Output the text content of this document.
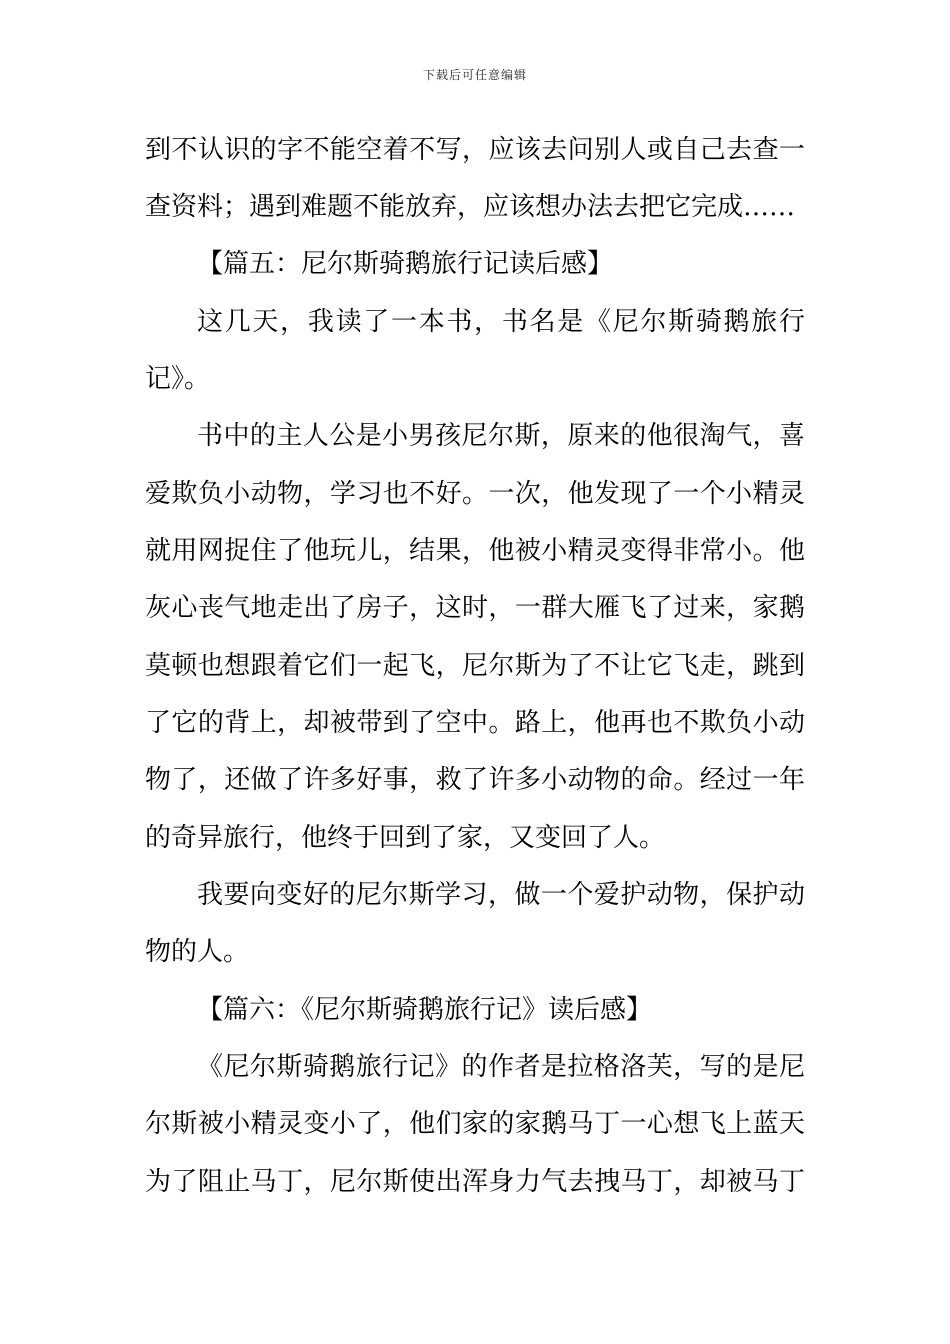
下载后可任意编辑
到不认识的字不能空着不写，应该去问别人或自己去查一
查资料；遇到难题不能放弃，应该想办法去把它完成……
【篇五：尼尔斯骑鹅旅行记读后感】
这几天，我读了一本书，书名是《尼尔斯骑鹅旅行
记》。
书中的主人公是小男孩尼尔斯，原来的他很淘气，喜
爱欺负小动物，学习也不好。一次，他发现了一个小精灵
就用网捉住了他玩儿，结果，他被小精灵变得非常小。他
灰心丧气地走出了房子，这时，一群大雁飞了过来，家鹅
莫顿也想跟着它们一起飞，尼尔斯为了不让它飞走，跳到
了它的背上，却被带到了空中。路上，他再也不欺负小动
物了，还做了许多好事，救了许多小动物的命。经过一年
的奇异旅行，他终于回到了家，又变回了人。
我要向变好的尼尔斯学习，做一个爱护动物，保护动
物的人。
【篇六：《尼尔斯骑鹅旅行记》读后感】
《尼尔斯骑鹅旅行记》的作者是拉格洛芙，写的是尼
尔斯被小精灵变小了，他们家的家鹅马丁一心想飞上蓝天
为了阻止马丁，尼尔斯使出浑身力气去拽马丁，却被马丁
